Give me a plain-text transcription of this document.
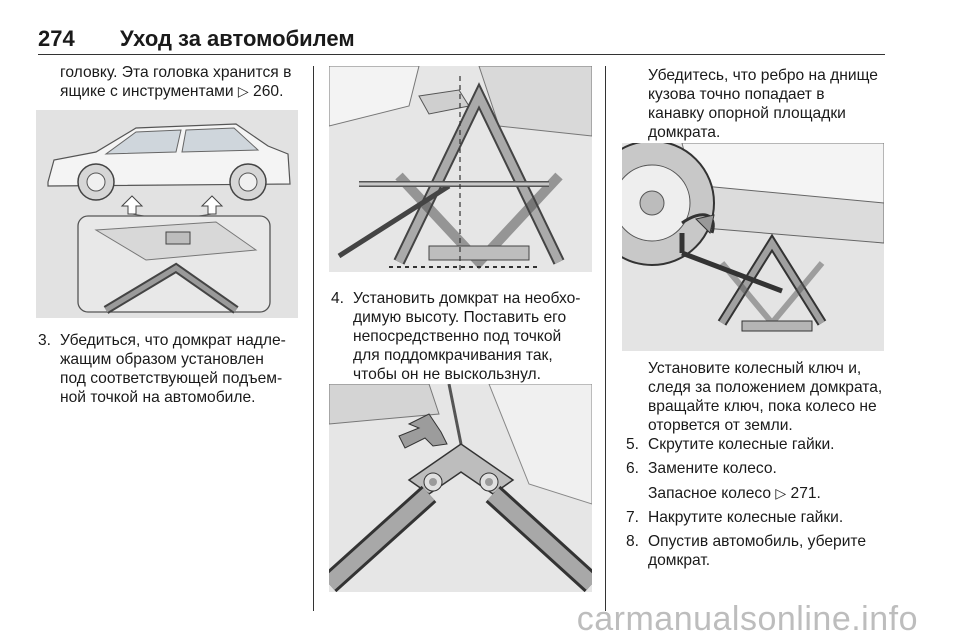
274 Уход за автомобилем
головку. Эта головка хранится в
ящике с инструментами ▷ 260.
3. Убедиться, что домкрат надле-
жащим образом установлен
под соответствующей подъем-
ной точкой на автомобиле.
4. Установить домкрат на необхо-
димую высоту. Поставить его
непосредственно под точкой
для поддомкрачивания так,
чтобы он не выскользнул.
Убедитесь, что ребро на днище
кузова точно попадает в
канавку опорной площадки
домкрата.
Установите колесный ключ и,
следя за положением домкрата,
вращайте ключ, пока колесо не
оторвется от земли.
5. Скрутите колесные гайки.
6. Замените колесо.
Запасное колесо ▷ 271.
7. Накрутите колесные гайки.
8. Опустив автомобиль, уберите
домкрат.
carmanualsonline.info
